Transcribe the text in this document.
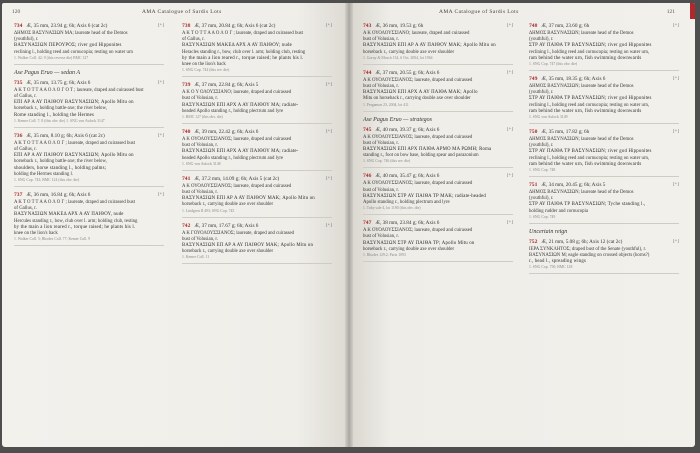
120	AMA Catalogue of Sardis Lots
734 Æ, 35 mm, 23.94 g; 6h; Axis 6 (cat 2c)	[+]
ΔΗΜΟΣ ΒΑΣΥΝΑΣΙΩΝ ΜΑ; laureate head of the Demos
(youthful), r.
ΒΑΣΥΝΑΣΙΩΝ ΠΕΡΟΥΡΟΣ; river god Hipponites
reclining l., holding reed and cornucopia; resting on water urn
1. Walker Coll. 42; 9 (this reverse die) BMC 127
Ase Pagus Eruo — sedan A
735 Æ, 35 mm, 13.75 g; 6h; Axis 6	[+]
Α Κ Τ Ο Τ Τ Α Α Ο Λ Ο Γ Ο Τ ; laureate, draped and cuirassed bust
of Gallus, r.
ΕΠΙ ΑΡ Α ΑΥ ΠΑΙΘΟΥ ΒΑΣΥΝΑΣΙΩΝ; Apollo Mitu on
horseback r., holding battle-axe; the river below,
Rome standing l., holding the Hermes
1. Kemer Coll. 7; 8 (this obv. die) 1. SNG von Aulock 3147
736 Æ, 35 mm, 8.10 g; 6h; Axis 6 (cat 2c)	[+]
Α Κ Τ Ο Τ Τ Α Α Ο Λ Ο Γ ; laureate, draped and cuirassed bust
of Gallus, r.
ΕΠΙ ΑΡ Α ΑΥ ΠΑΙΘΟΥ ΒΑΣΥΝΑΣΙΩΝ; Apollo Mitu on
horseback r., holding battle-axe; the river below,
shoulders, horse standing l., holding palms;
holding the Hermes standing l.
1. SNG Cop. 743; BMC 124 (this obv. die)
737 Æ, 36 mm, 16.84 g; 6h; Axis 6	[+]
Α Κ Τ Ο Τ Τ Α Α Ο Λ Ο Γ ; laureate, draped and cuirassed bust
of Gallus, r.
ΒΑΣΥΝΑΣΙΩΝ ΜΑΚΕΔ ΑΡΧ Α ΑΥ ΠΑΙΘΟΥ, nude
Hercules standing r., bow, club over l. arm; holding club, resting
by the main a lion reared r., torque raised; he plants his l.
knee on the lion's back
1. Walker Coll. 5; Rhodes Coll. 77; Kemer Coll. 9
738 Æ, 37 mm, 20.84 g; 6h; Axis 6 (cat 2c)	[+]
Α Κ Τ Ο Τ Τ Α Α Ο Λ Ο Γ ; laureate, draped and cuirassed bust
of Gallus, r.
ΒΑΣΥΝΑΣΙΩΝ ΜΑΚΕΔ ΑΡΧ Α ΑΥ ΠΑΙΘΟΥ; nude
Heracles standing r., bow, club over l. arm; holding club, resting
by the main a lion reared r., torque raised; he plants his l.
knee on the lion's back
1. SNG Cop. 744 (this rev. die)
739 Æ, 37 mm, 22.84 g; 6h; Axis 5	[+]
Α Κ Ο Υ ΟΛΟΥΣΣΙΑΝΟ; laureate, draped and cuirassed
bust of Volusian, r.
ΒΑΣΥΝΑΣΙΩΝ ΕΠΙ ΑΡΧ Α ΑΥ ΠΑΙΘΟΥ ΜΑ; radiate-
headed Apollo standing r., holding plectrum and lyre
1. BMC 127 (this obv. die)
740 Æ, 39 mm, 22.42 g; 6h; Axis 6	[+]
Α Κ ΟΥΟΛΟΥΣΣΙΑΝΟΣ; laureate, draped and cuirassed
bust of Volusian, r.
ΒΑΣΥΝΑΣΙΩΝ ΕΠΙ ΑΡΧ Α ΑΥ ΠΑΙΘΟΥ ΜΑ; radiate-
headed Apollo standing r., holding plectrum and lyre
1. SNG von Aulock 3148
741 Æ, 37.2 mm, 14.09 g; 6h; Axis 5 (cat 2c)	[+]
Α Κ ΟΥΟΛΟΥΣΣΙΑΝΟΣ; laureate, draped and cuirassed
bust of Volusian, r.
ΒΑΣΥΝΑΣΙΩΝ ΕΠΙ ΑΡ Α ΑΥ ΠΑΙΘΟΥ ΜΑΚ; Apollo Mitu on
horseback r., carrying double axe over shoulder
1. Lindgren II 493; SNG Cop. 745
742 Æ, 37 mm, 17.67 g; 6h; Axis 6	[+]
Α Κ ΓΟΥΟΛΟΥΣΣΙΑΝΟΣ; laureate, draped and cuirassed
bust of Volusian, r.
ΒΑΣΥΝΑΣΙΩΝ ΕΠ ΑΡ Α ΑΥ ΠΑΙΘΟΥ ΜΑΚ; Apollo Mitu on
horseback r., carrying double axe over shoulder
1. Kemer Coll. 11
AMA Catalogue of Sardis Lots	121
743 Æ, 36 mm, 19.53 g; 6h	[+]
Α Κ ΟΥΟΛΟΥΣΣΙΑΝΟ; laureate, draped and cuirassed
bust of Volusian, r.
ΒΑΣΥΝΑΣΙΩΝ ΕΠΙ ΑΡ Α ΑΥ ΠΑΙΘΟΥ ΜΑΚ; Apollo Mitu on
horseback r., carrying double axe over shoulder
1. Gorny & Mosch 134, 6 Oct. 2004, lot 1964
744 Æ, 37 mm, 20.55 g; 6h; Axis 6	[+]
Α Κ ΟΥΟΛΟΥΣΣΙΑΝΟΣ; laureate, draped and cuirassed
bust of Volusian, r.
ΒΑΣΥΝΑΣΙΩΝ ΕΠΙ ΑΡΧ Α ΑΥ ΠΑΙΘΑ ΜΑΚ; Apollo
Mitu on horseback r., carrying double axe over shoulder
1. Pergamon 23, 2004, lot 411
Ase Pagus Eruo — strategos
745 Æ, 40 mm, 39.37 g; 6h; Axis 6	[+]
Α Κ ΟΥΟΛΟΥΣΣΙΑΝΟΣ; laureate, draped and cuirassed
bust of Volusian, r.
ΒΑΣΥΝΑΣΙΩΝ ΕΠΙ ΑΡΧ ΠΑΙΘΑ ΑΡΜΟ ΜΑ ΡΩΜΗ; Roma
standing r., foot on bow base, holding spear and parazonium
1. SNG Cop. 746 (this rev. die)
746 Æ, 40 mm, 35.47 g; 6h; Axis 6	[+]
Α Κ ΟΥΟΛΟΥΣΣΙΑΝΟΣ; laureate, draped and cuirassed
bust of Volusian, r.
ΒΑΣΥΝΑΣΙΩΝ ΣΤΡ ΑΥ ΠΑΙΘΑ ΤΡ ΜΑΚ; radiate-headed
Apollo standing r., holding plectrum and lyre
1. Tuby sale 4, lot 1180 (this obv. die)
747 Æ, 38 mm, 23.84 g; 6h; Axis 6	[+]
Α Κ ΟΥΟΛΟΥΣΣΙΑΝΟΣ; laureate, draped and cuirassed
bust of Volusian, r.
ΒΑΣΥΝΑΣΙΩΝ ΣΤΡ ΑΥ ΠΑΙΘΑ ΤΡ; Apollo Mitu on
horseback r., carrying double axe over shoulder
1. Rhodes 129.2; Paris 1093
748 Æ, 37 mm, 23.60 g; 6h	[+]
ΔΗΜΟΣ ΒΑΣΥΝΑΣΙΩΝ; laureate head of the Demos
(youthful), r.
ΣΤΡ ΑΥ ΠΑΙΘΑ ΤΡ ΒΑΣΥΝΑΣΙΩΝ; river god Hipponites
reclining l., holding reed and cornucopia; resting on water urn,
ram behind the water urn, fish swimming downwards
1. SNG Cop. 747 (this obv. die)
749 Æ, 35 mm, 18.35 g; 6h; Axis 6	[+]
ΔΗΜΟΣ ΒΑΣΥΝΑΣΙΩΝ; laureate head of the Demos
(youthful), r.
ΣΤΡ ΑΥ ΠΑΙΘΑ ΤΡ ΒΑΣΥΝΑΣΙΩΝ; river god Hipponites
reclining l., holding reed and cornucopia; resting on water urn,
ram behind the water urn, fish swimming downwards
1. SNG von Aulock 3149
750 Æ, 35 mm, 17.82 g; 6h	[+]
ΔΗΜΟΣ ΒΑΣΥΝΑΣΙΩΝ; laureate head of the Demos
(youthful), r.
ΣΤΡ ΑΥ ΠΑΙΘΑ ΤΡ ΒΑΣΥΝΑΣΙΩΝ; river god Hipponites
reclining l., holding reed and cornucopia; resting on water urn,
ram behind the water urn, fish swimming downwards
1. SNG Cop. 748
751 Æ, 34 mm, 20.45 g; 6h; Axis 5	[+]
ΔΗΜΟΣ ΒΑΣΥΝΑΣΙΩΝ; laureate head of the Demos
(youthful), r.
ΣΤΡ ΑΥ ΠΑΙΘΑ ΤΡ ΒΑΣΥΝΑΣΙΩΝ; Tyche standing l.,
holding rudder and cornucopia
1. SNG Cop. 749
Uncertain reign
752 Æ, 21 mm, 5.08 g; 6h; Axis 12 (cat 2c)	[+]
ΙΕΡΑ ΣΥΝΚΛΗΤΟΣ; draped bust of the Senate (youthful), r.
ΒΑΣΥΝΑΣΙΩΝ Μ; eagle standing on crossed objects (horns?)
r., head l., spreading wings
1. SNG Cop. 750; BMC 128
